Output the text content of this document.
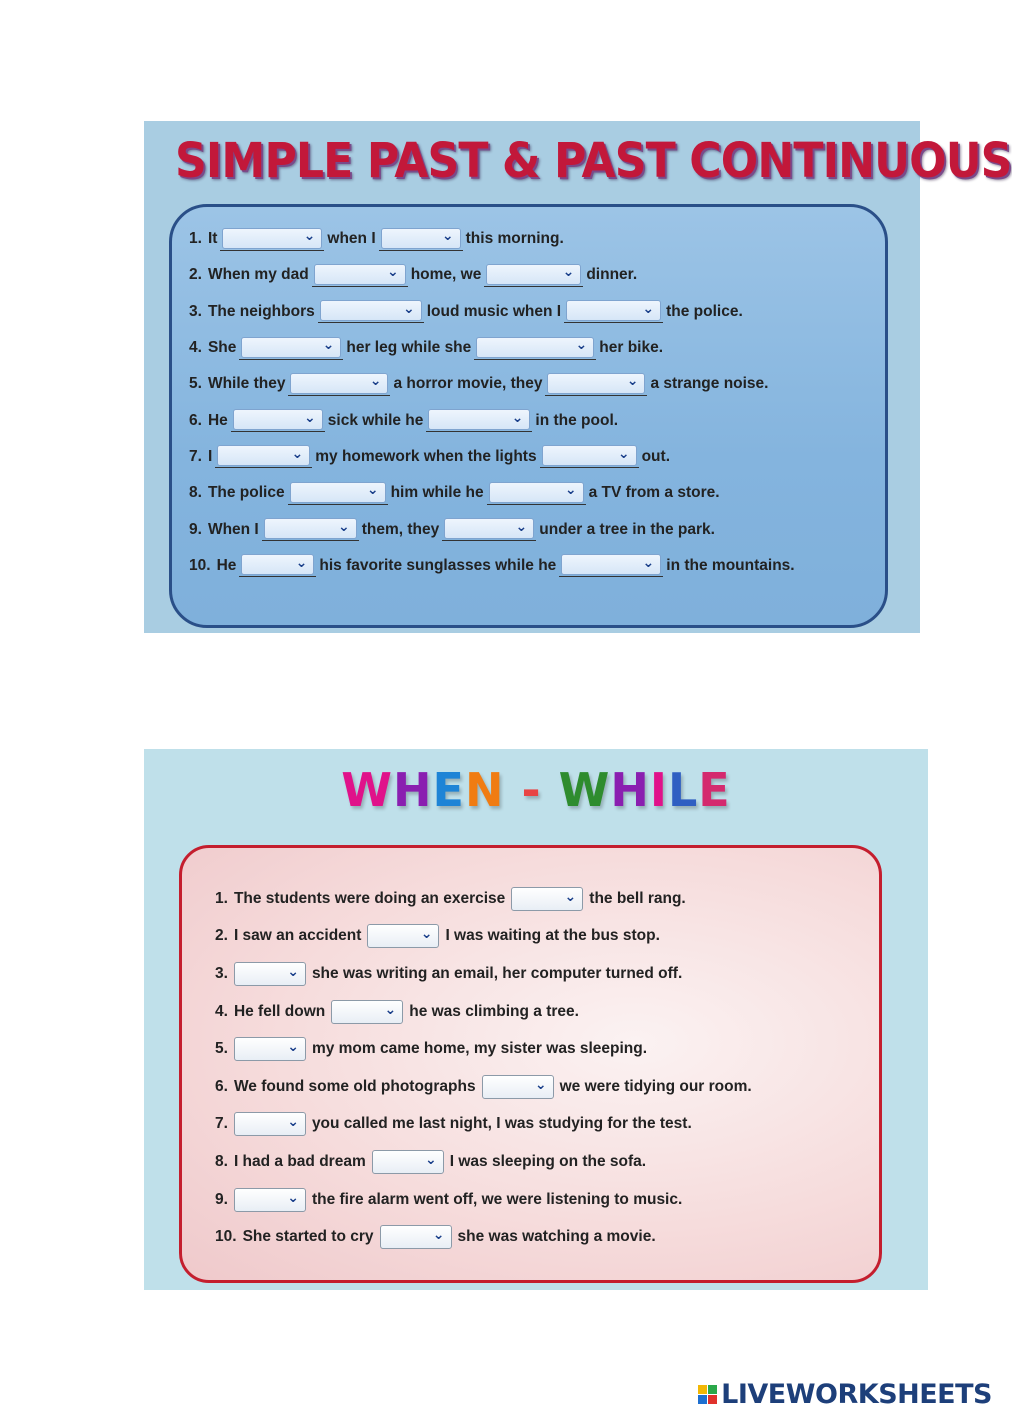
SIMPLE PAST & PAST CONTINUOUS
1. It	⌄ when I	⌄ this morning.
2. When my dad	⌄ home, we	⌄ dinner.
3. The neighbors	⌄ loud music when I	⌄ the police.
4. She	⌄ her leg while she	⌄ her bike.
5. While they	⌄ a horror movie, they	⌄ a strange noise.
6. He	⌄ sick while he	⌄ in the pool.
7. I	⌄ my homework when the lights	⌄ out.
8. The police	⌄ him while he	⌄ a TV from a store.
9. When I	⌄ them, they	⌄ under a tree in the park.
10. He	⌄ his favorite sunglasses while he	⌄ in the mountains.
WHEN - WHILE
1. The students were doing an exercise	⌄ the bell rang.
2. I saw an accident	⌄ I was waiting at the bus stop.
3.	⌄ she was writing an email, her computer turned off.
4. He fell down	⌄ he was climbing a tree.
5.	⌄ my mom came home, my sister was sleeping.
6. We found some old photographs	⌄ we were tidying our room.
7.	⌄ you called me last night, I was studying for the test.
8. I had a bad dream	⌄ I was sleeping on the sofa.
9.	⌄ the fire alarm went off, we were listening to music.
10. She started to cry	⌄ she was watching a movie.
LIVEWORKSHEETS
